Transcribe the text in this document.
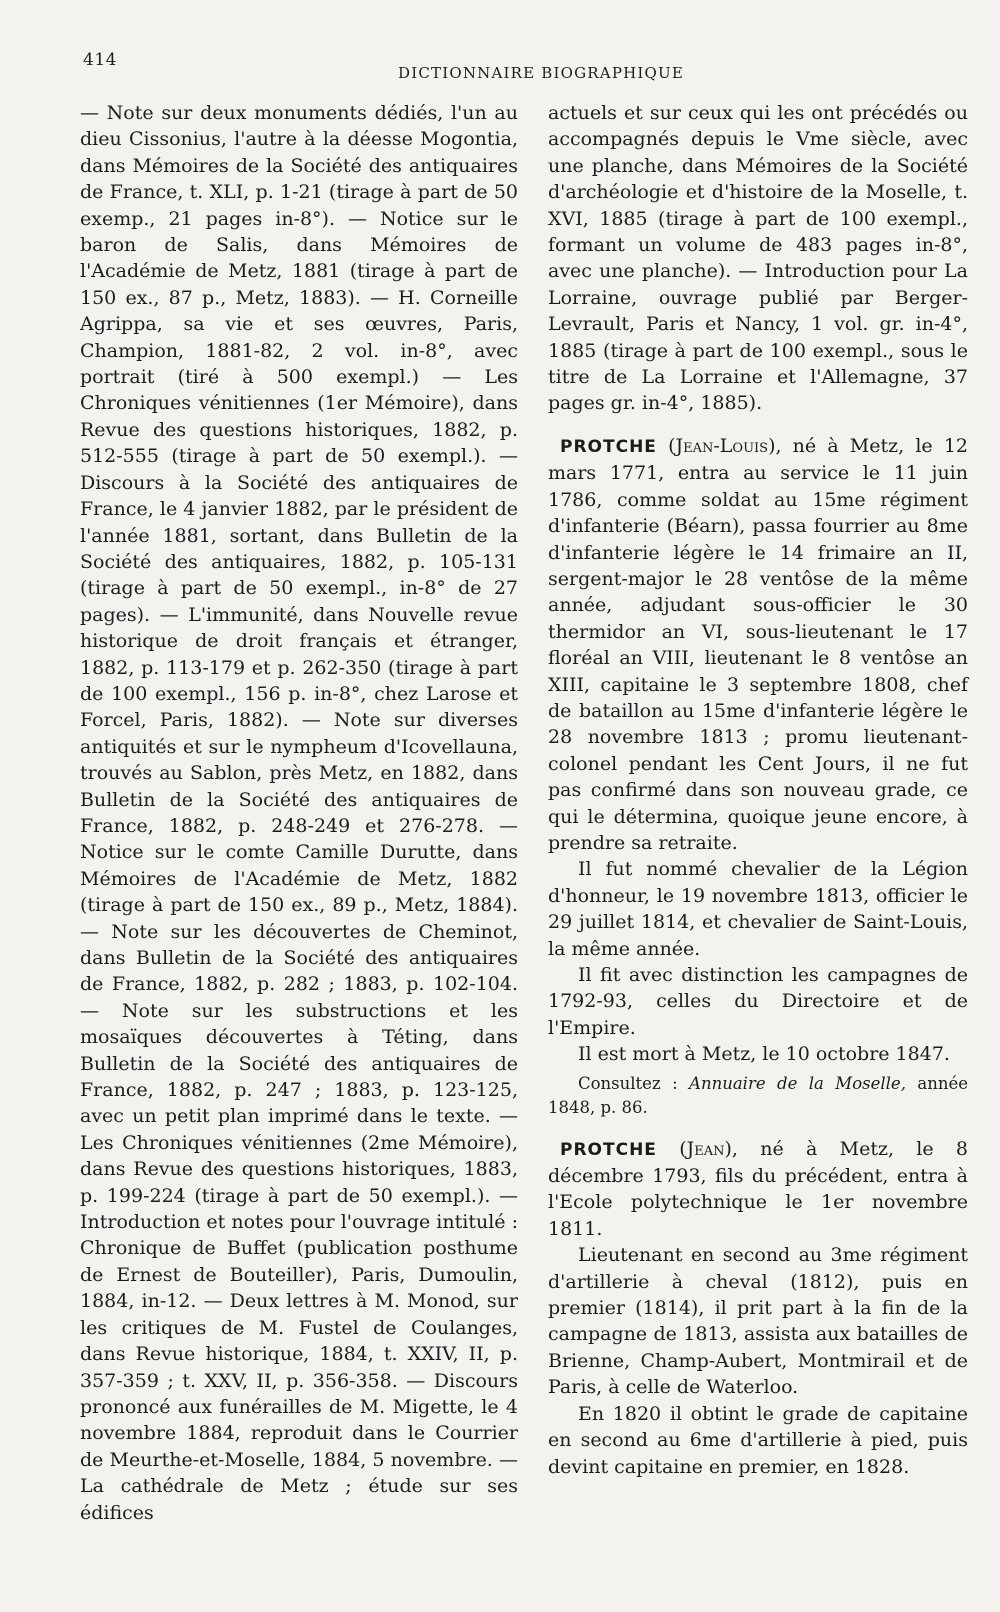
414
DICTIONNAIRE BIOGRAPHIQUE

— Note sur deux monuments dédiés, l'un au dieu Cissonius, l'autre à la déesse Mogontia, dans Mémoires de la Société des antiquaires de France, t. XLI, p. 1-21 (tirage à part de 50 exemp., 21 pages in-8°). — Notice sur le baron de Salis, dans Mémoires de l'Académie de Metz, 1881 (tirage à part de 150 ex., 87 p., Metz, 1883). — H. Corneille Agrippa, sa vie et ses œuvres, Paris, Champion, 1881-82, 2 vol. in-8°, avec portrait (tiré à 500 exempl.) — Les Chroniques vénitiennes (1er Mémoire), dans Revue des questions historiques, 1882, p. 512-555 (tirage à part de 50 exempl.). — Discours à la Société des antiquaires de France, le 4 janvier 1882, par le président de l'année 1881, sortant, dans Bulletin de la Société des antiquaires, 1882, p. 105-131 (tirage à part de 50 exempl., in-8° de 27 pages). — L'immunité, dans Nouvelle revue historique de droit français et étranger, 1882, p. 113-179 et p. 262-350 (tirage à part de 100 exempl., 156 p. in-8°, chez Larose et Forcel, Paris, 1882). — Note sur diverses antiquités et sur le nympheum d'Icovellauna, trouvés au Sablon, près Metz, en 1882, dans Bulletin de la Société des antiquaires de France, 1882, p. 248-249 et 276-278. — Notice sur le comte Camille Durutte, dans Mémoires de l'Académie de Metz, 1882 (tirage à part de 150 ex., 89 p., Metz, 1884). — Note sur les découvertes de Cheminot, dans Bulletin de la Société des antiquaires de France, 1882, p. 282 ; 1883, p. 102-104. — Note sur les substructions et les mosaïques découvertes à Téting, dans Bulletin de la Société des antiquaires de France, 1882, p. 247 ; 1883, p. 123-125, avec un petit plan imprimé dans le texte. — Les Chroniques vénitiennes (2me Mémoire), dans Revue des questions historiques, 1883, p. 199-224 (tirage à part de 50 exempl.). — Introduction et notes pour l'ouvrage intitulé : Chronique de Buffet (publication posthume de Ernest de Bouteiller), Paris, Dumoulin, 1884, in-12. — Deux lettres à M. Monod, sur les critiques de M. Fustel de Coulanges, dans Revue historique, 1884, t. XXIV, II, p. 357-359 ; t. XXV, II, p. 356-358. — Discours prononcé aux funérailles de M. Migette, le 4 novembre 1884, reproduit dans le Courrier de Meurthe-et-Moselle, 1884, 5 novembre. — La cathédrale de Metz ; étude sur ses édifices

actuels et sur ceux qui les ont précédés ou accompagnés depuis le Vme siècle, avec une planche, dans Mémoires de la Société d'archéologie et d'histoire de la Moselle, t. XVI, 1885 (tirage à part de 100 exempl., formant un volume de 483 pages in-8°, avec une planche). — Introduction pour La Lorraine, ouvrage publié par Berger-Levrault, Paris et Nancy, 1 vol. gr. in-4°, 1885 (tirage à part de 100 exempl., sous le titre de La Lorraine et l'Allemagne, 37 pages gr. in-4°, 1885).

PROTCHE (Jean-Louis), né à Metz, le 12 mars 1771, entra au service le 11 juin 1786, comme soldat au 15me régiment d'infanterie (Béarn), passa fourrier au 8me d'infanterie légère le 14 frimaire an II, sergent-major le 28 ventôse de la même année, adjudant sous-officier le 30 thermidor an VI, sous-lieutenant le 17 floréal an VIII, lieutenant le 8 ventôse an XIII, capitaine le 3 septembre 1808, chef de bataillon au 15me d'infanterie légère le 28 novembre 1813 ; promu lieutenant-colonel pendant les Cent Jours, il ne fut pas confirmé dans son nouveau grade, ce qui le détermina, quoique jeune encore, à prendre sa retraite.

Il fut nommé chevalier de la Légion d'honneur, le 19 novembre 1813, officier le 29 juillet 1814, et chevalier de Saint-Louis, la même année.

Il fit avec distinction les campagnes de 1792-93, celles du Directoire et de l'Empire.

Il est mort à Metz, le 10 octobre 1847.

Consultez : Annuaire de la Moselle, année 1848, p. 86.

PROTCHE (Jean), né à Metz, le 8 décembre 1793, fils du précédent, entra à l'Ecole polytechnique le 1er novembre 1811.

Lieutenant en second au 3me régiment d'artillerie à cheval (1812), puis en premier (1814), il prit part à la fin de la campagne de 1813, assista aux batailles de Brienne, Champ-Aubert, Montmirail et de Paris, à celle de Waterloo.

En 1820 il obtint le grade de capitaine en second au 6me d'artillerie à pied, puis devint capitaine en premier, en 1828.
